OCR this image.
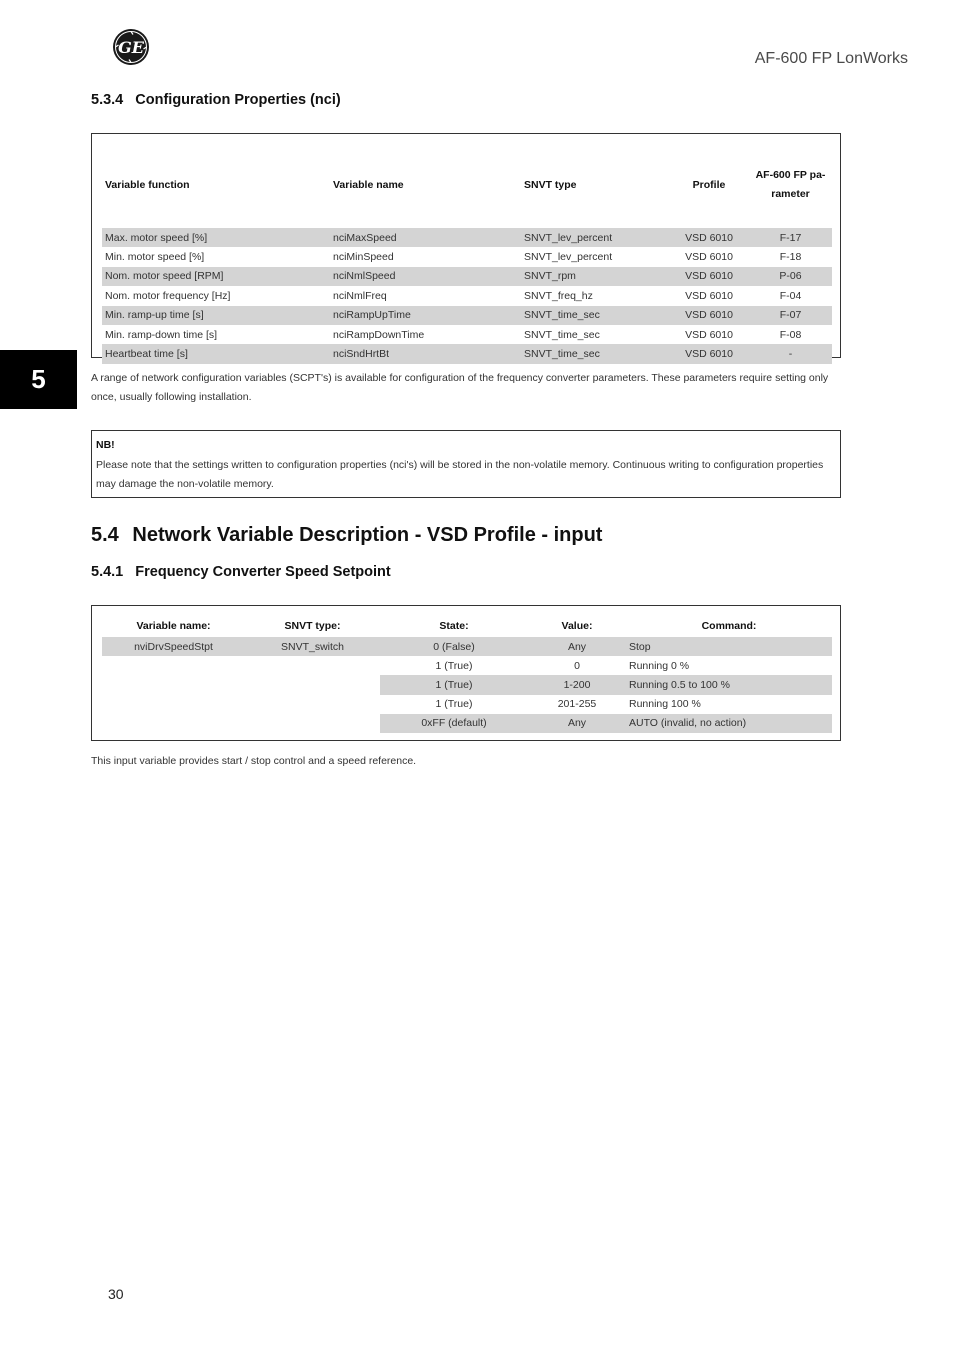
GE
AF-600 FP LonWorks
5.3.4 Configuration Properties (nci)
Variable function	Variable name	SNVT type	Profile	AF-600 FP pa-
rameter

Max. motor speed [%]	nciMaxSpeed	SNVT_lev_percent	VSD 6010	F-17
Min. motor speed [%]	nciMinSpeed	SNVT_lev_percent	VSD 6010	F-18
Nom. motor speed [RPM]	nciNmlSpeed	SNVT_rpm	VSD 6010	P-06
Nom. motor frequency [Hz]	nciNmlFreq	SNVT_freq_hz	VSD 6010	F-04
Min. ramp-up time [s]	nciRampUpTime	SNVT_time_sec	VSD 6010	F-07
Min. ramp-down time [s]	nciRampDownTime	SNVT_time_sec	VSD 6010	F-08
Heartbeat time [s]	nciSndHrtBt	SNVT_time_sec	VSD 6010	-

A range of network configuration variables (SCPT's) is available for configuration of the frequency converter parameters. These parameters require setting only once, usually following installation.

NB!
Please note that the settings written to configuration properties (nci's) will be stored in the non-volatile memory. Continuous writing to configuration properties may damage the non-volatile memory.
5.4 Network Variable Description - VSD Profile - input
5.4.1 Frequency Converter Speed Setpoint
Variable name:	SNVT type:	State:	Value:	Command:
nviDrvSpeedStpt	SNVT_switch	0 (False)	Any	Stop
		1 (True)	0	Running 0 %
		1 (True)	1-200	Running 0.5 to 100 %
		1 (True)	201-255	Running 100 %
		0xFF (default)	Any	AUTO (invalid, no action)

This input variable provides start / stop control and a speed reference.

5
30
